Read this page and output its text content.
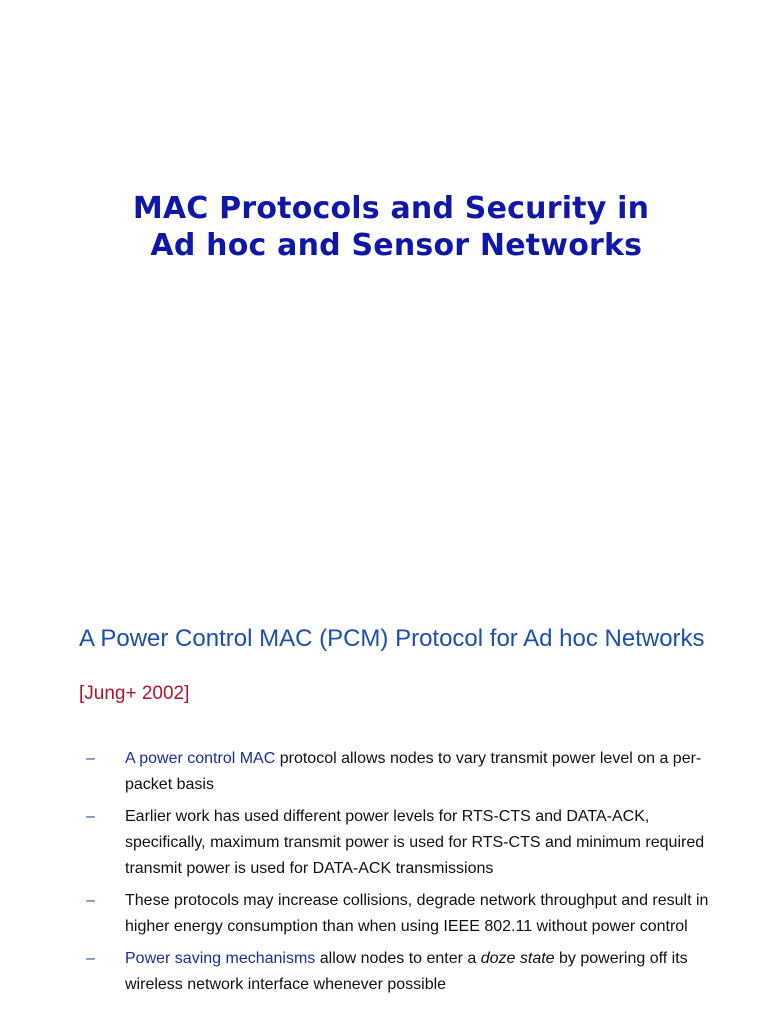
MAC Protocols and Security in
Ad hoc and Sensor Networks
A Power Control MAC (PCM) Protocol for Ad hoc Networks
[Jung+ 2002]
– A power control MAC protocol allows nodes to vary transmit power level on a per-packet basis
– Earlier work has used different power levels for RTS-CTS and DATA-ACK, specifically, maximum transmit power is used for RTS-CTS and minimum required transmit power is used for DATA-ACK transmissions
– These protocols may increase collisions, degrade network throughput and result in higher energy consumption than when using IEEE 802.11 without power control
– Power saving mechanisms allow nodes to enter a doze state by powering off its wireless network interface whenever possible
